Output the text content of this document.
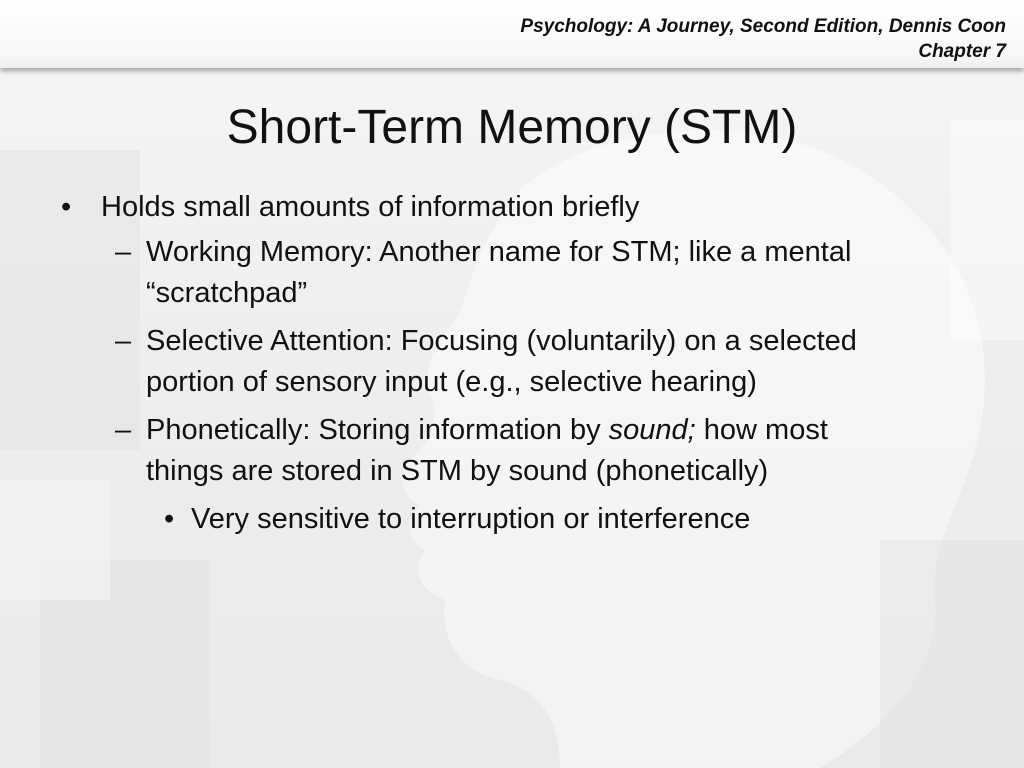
Psychology: A Journey, Second Edition, Dennis Coon
Chapter 7
Short-Term Memory (STM)
• Holds small amounts of information briefly
– Working Memory: Another name for STM; like a mental “scratchpad”
– Selective Attention: Focusing (voluntarily) on a selected portion of sensory input (e.g., selective hearing)
– Phonetically: Storing information by sound; how most things are stored in STM by sound (phonetically)
• Very sensitive to interruption or interference
